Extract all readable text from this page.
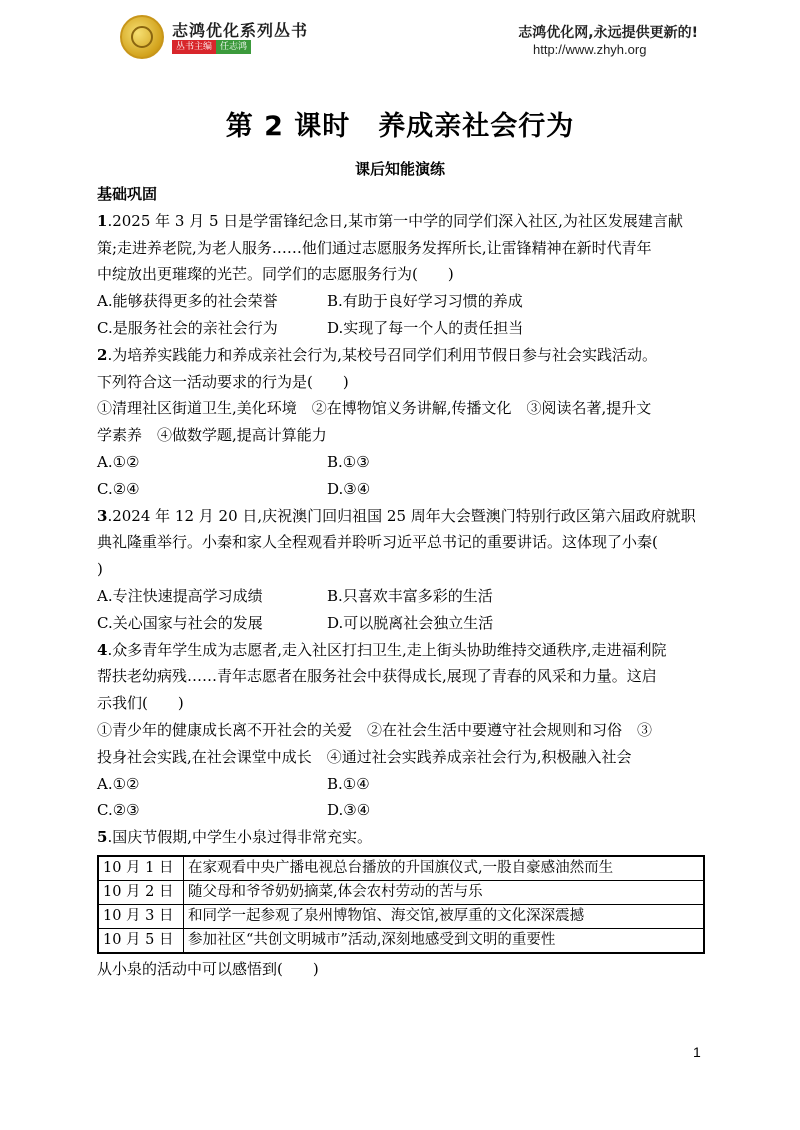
志鸿优化系列丛书
丛书主编 任志鸿
志鸿优化网,永远提供更新的!
http://www.zhyh.org
第 2 课时　养成亲社会行为
课后知能演练
基础巩固
1.2025 年 3 月 5 日是学雷锋纪念日,某市第一中学的同学们深入社区,为社区发展建言献
策;走进养老院,为老人服务……他们通过志愿服务发挥所长,让雷锋精神在新时代青年
中绽放出更璀璨的光芒。同学们的志愿服务行为(　　)
A.能够获得更多的社会荣誉	B.有助于良好学习习惯的养成
C.是服务社会的亲社会行为	D.实现了每一个人的责任担当
2.为培养实践能力和养成亲社会行为,某校号召同学们利用节假日参与社会实践活动。
下列符合这一活动要求的行为是(　　)
①清理社区街道卫生,美化环境　②在博物馆义务讲解,传播文化　③阅读名著,提升文
学素养　④做数学题,提高计算能力
A.①②	B.①③
C.②④	D.③④
3.2024 年 12 月 20 日,庆祝澳门回归祖国 25 周年大会暨澳门特别行政区第六届政府就职
典礼隆重举行。小秦和家人全程观看并聆听习近平总书记的重要讲话。这体现了小秦(
)
A.专注快速提高学习成绩	B.只喜欢丰富多彩的生活
C.关心国家与社会的发展	D.可以脱离社会独立生活
4.众多青年学生成为志愿者,走入社区打扫卫生,走上街头协助维持交通秩序,走进福利院
帮扶老幼病残……青年志愿者在服务社会中获得成长,展现了青春的风采和力量。这启
示我们(　　)
①青少年的健康成长离不开社会的关爱　②在社会生活中要遵守社会规则和习俗　③
投身社会实践,在社会课堂中成长　④通过社会实践养成亲社会行为,积极融入社会
A.①②	B.①④
C.②③	D.③④
5.国庆节假期,中学生小泉过得非常充实。
10 月 1 日	在家观看中央广播电视总台播放的升国旗仪式,一股自豪感油然而生
10 月 2 日	随父母和爷爷奶奶摘菜,体会农村劳动的苦与乐
10 月 3 日	和同学一起参观了泉州博物馆、海交馆,被厚重的文化深深震撼
10 月 5 日	参加社区“共创文明城市”活动,深刻地感受到文明的重要性
从小泉的活动中可以感悟到(　　)
1
